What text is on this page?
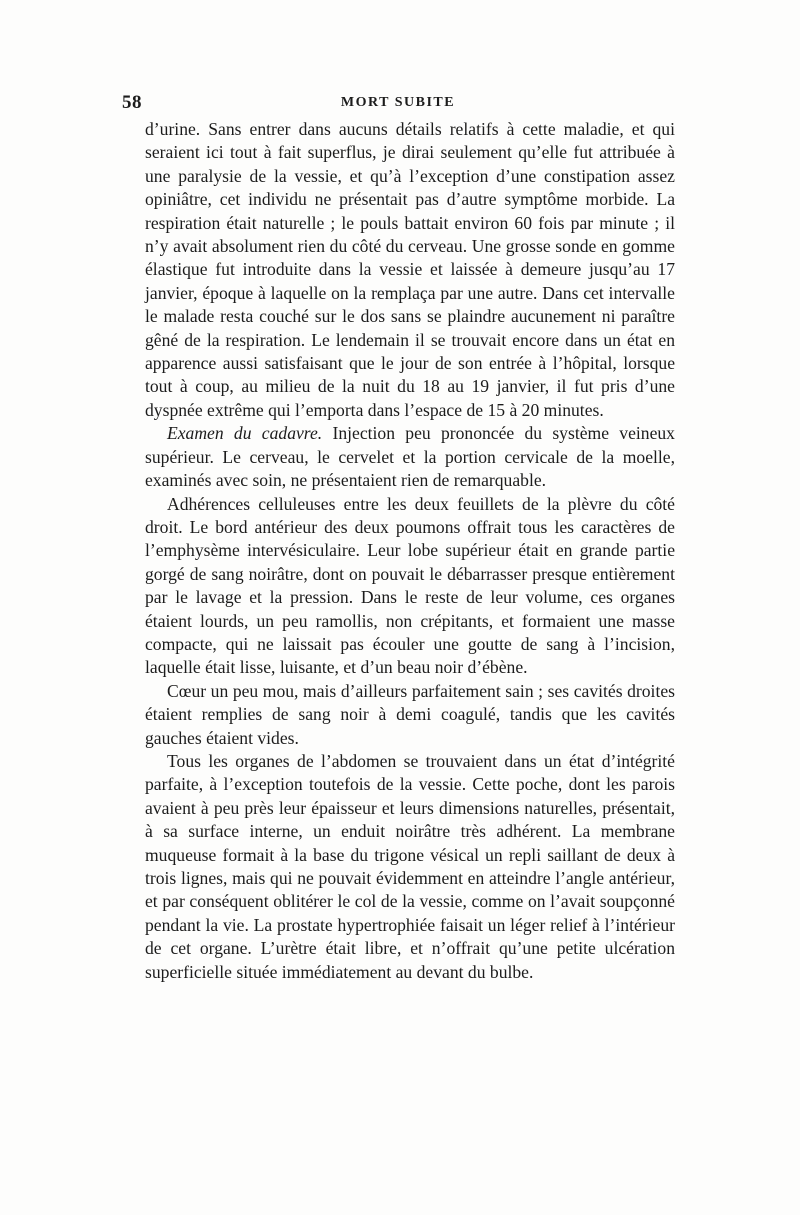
58	MORT SUBITE

d’urine. Sans entrer dans aucuns détails relatifs à cette maladie, et qui seraient ici tout à fait superflus, je dirai seulement qu’elle fut attribuée à une paralysie de la vessie, et qu’à l’exception d’une constipation assez opiniâtre, cet individu ne présentait pas d’autre symptôme morbide. La respiration était naturelle ; le pouls battait environ 60 fois par minute ; il n’y avait absolument rien du côté du cerveau. Une grosse sonde en gomme élastique fut introduite dans la vessie et laissée à demeure jusqu’au 17 janvier, époque à laquelle on la remplaça par une autre. Dans cet intervalle le malade resta couché sur le dos sans se plaindre aucunement ni paraître gêné de la respiration. Le lendemain il se trouvait encore dans un état en apparence aussi satisfaisant que le jour de son entrée à l’hôpital, lorsque tout à coup, au milieu de la nuit du 18 au 19 janvier, il fut pris d’une dyspnée extrême qui l’emporta dans l’espace de 15 à 20 minutes.

Examen du cadavre. Injection peu prononcée du système veineux supérieur. Le cerveau, le cervelet et la portion cervicale de la moelle, examinés avec soin, ne présentaient rien de remarquable.

Adhérences celluleuses entre les deux feuillets de la plèvre du côté droit. Le bord antérieur des deux poumons offrait tous les caractères de l’emphysème intervésiculaire. Leur lobe supérieur était en grande partie gorgé de sang noirâtre, dont on pouvait le débarrasser presque entièrement par le lavage et la pression. Dans le reste de leur volume, ces organes étaient lourds, un peu ramollis, non crépitants, et formaient une masse compacte, qui ne laissait pas écouler une goutte de sang à l’incision, laquelle était lisse, luisante, et d’un beau noir d’ébène.

Cœur un peu mou, mais d’ailleurs parfaitement sain ; ses cavités droites étaient remplies de sang noir à demi coagulé, tandis que les cavités gauches étaient vides.

Tous les organes de l’abdomen se trouvaient dans un état d’intégrité parfaite, à l’exception toutefois de la vessie. Cette poche, dont les parois avaient à peu près leur épaisseur et leurs dimensions naturelles, présentait, à sa surface interne, un enduit noirâtre très adhérent. La membrane muqueuse formait à la base du trigone vésical un repli saillant de deux à trois lignes, mais qui ne pouvait évidemment en atteindre l’angle antérieur, et par conséquent oblitérer le col de la vessie, comme on l’avait soupçonné pendant la vie. La prostate hypertrophiée faisait un léger relief à l’intérieur de cet organe. L’urètre était libre, et n’offrait qu’une petite ulcération superficielle située immédiatement au devant du bulbe.
